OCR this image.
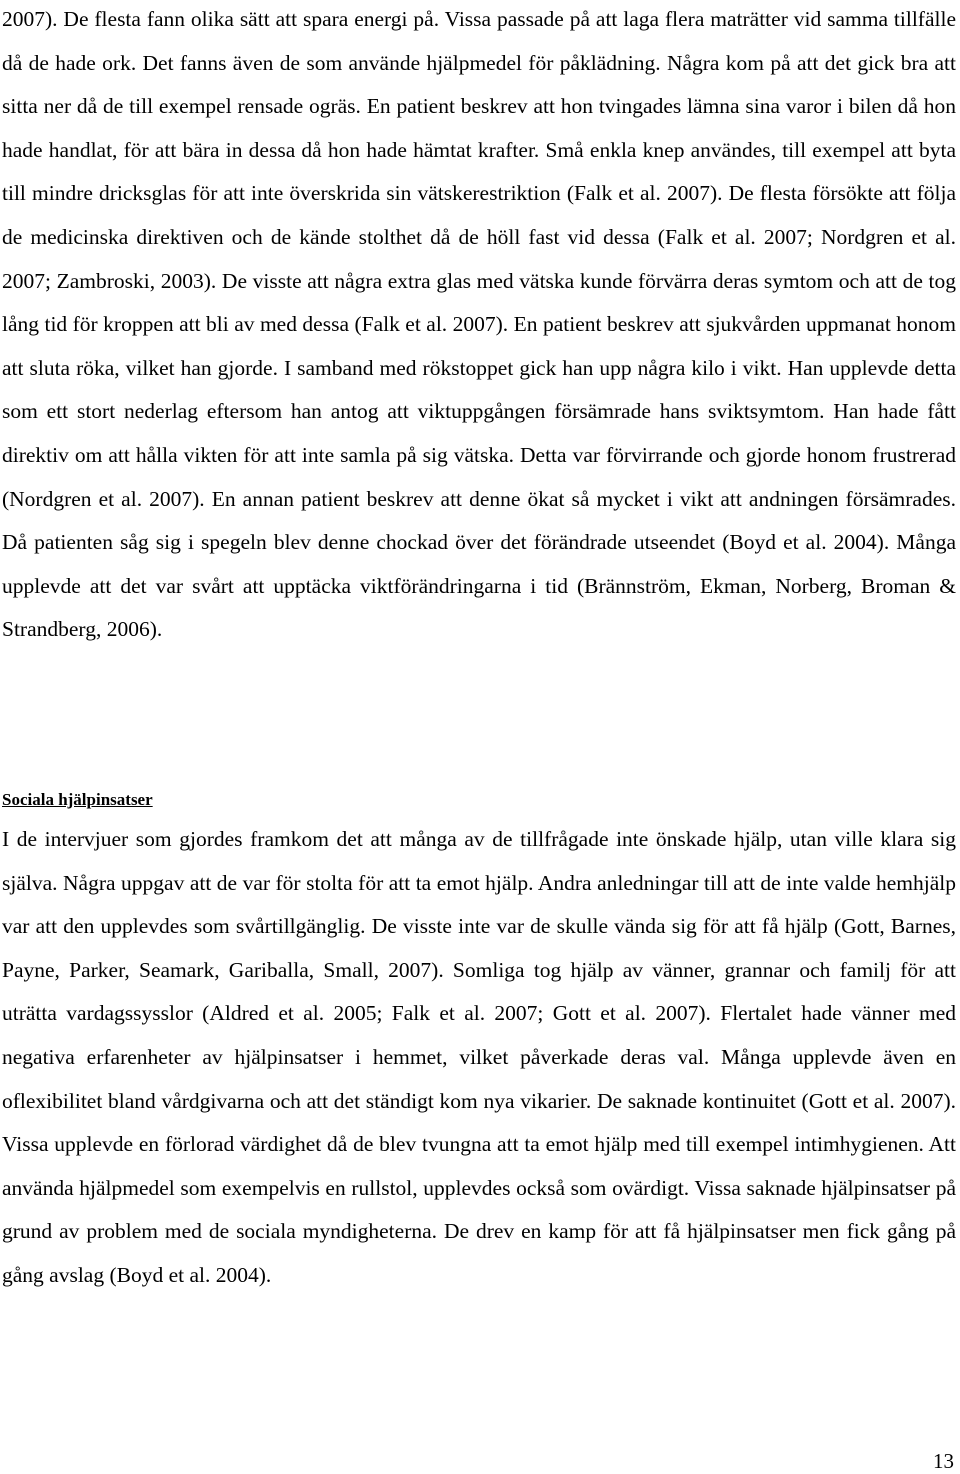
2007). De flesta fann olika sätt att spara energi på. Vissa passade på att laga flera maträtter vid samma tillfälle då de hade ork. Det fanns även de som använde hjälpmedel för påklädning. Några kom på att det gick bra att sitta ner då de till exempel rensade ogräs. En patient beskrev att hon tvingades lämna sina varor i bilen då hon hade handlat, för att bära in dessa då hon hade hämtat krafter. Små enkla knep användes, till exempel att byta till mindre dricksglas för att inte överskrida sin vätskerestriktion (Falk et al. 2007). De flesta försökte att följa de medicinska direktiven och de kände stolthet då de höll fast vid dessa (Falk et al. 2007; Nordgren et al. 2007; Zambroski, 2003). De visste att några extra glas med vätska kunde förvärra deras symtom och att de tog lång tid för kroppen att bli av med dessa (Falk et al. 2007). En patient beskrev att sjukvården uppmanat honom att sluta röka, vilket han gjorde. I samband med rökstoppet gick han upp några kilo i vikt. Han upplevde detta som ett stort nederlag eftersom han antog att viktuppgången försämrade hans sviktsymtom. Han hade fått direktiv om att hålla vikten för att inte samla på sig vätska. Detta var förvirrande och gjorde honom frustrerad (Nordgren et al. 2007). En annan patient beskrev att denne ökat så mycket i vikt att andningen försämrades. Då patienten såg sig i spegeln blev denne chockad över det förändrade utseendet (Boyd et al. 2004). Många upplevde att det var svårt att upptäcka viktförändringarna i tid (Brännström, Ekman, Norberg, Broman & Strandberg, 2006).

Sociala hjälpinsatser

I de intervjuer som gjordes framkom det att många av de tillfrågade inte önskade hjälp, utan ville klara sig själva. Några uppgav att de var för stolta för att ta emot hjälp. Andra anledningar till att de inte valde hemhjälp var att den upplevdes som svårtillgänglig. De visste inte var de skulle vända sig för att få hjälp (Gott, Barnes, Payne, Parker, Seamark, Gariballa, Small, 2007). Somliga tog hjälp av vänner, grannar och familj för att uträtta vardagssysslor (Aldred et al. 2005; Falk et al. 2007; Gott et al. 2007). Flertalet hade vänner med negativa erfarenheter av hjälpinsatser i hemmet, vilket påverkade deras val. Många upplevde även en oflexibilitet bland vårdgivarna och att det ständigt kom nya vikarier. De saknade kontinuitet (Gott et al. 2007). Vissa upplevde en förlorad värdighet då de blev tvungna att ta emot hjälp med till exempel intimhygienen. Att använda hjälpmedel som exempelvis en rullstol, upplevdes också som ovärdigt. Vissa saknade hjälpinsatser på grund av problem med de sociala myndigheterna. De drev en kamp för att få hjälpinsatser men fick gång på gång avslag (Boyd et al. 2004).

13
